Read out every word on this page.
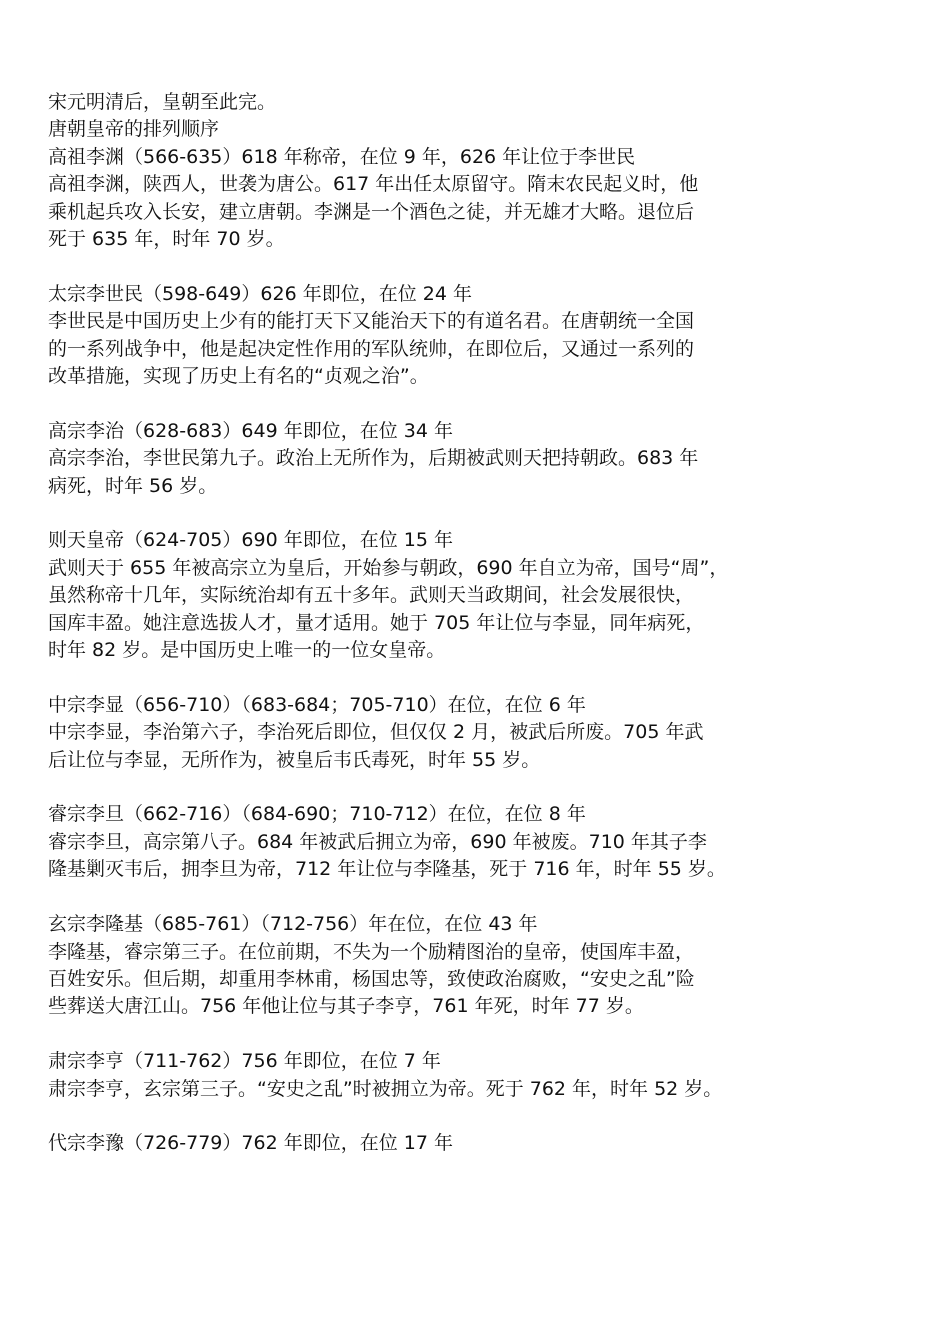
宋元明清后，皇朝至此完。
唐朝皇帝的排列顺序
高祖李渊（566-635）618 年称帝，在位 9 年，626 年让位于李世民
高祖李渊，陕西人，世袭为唐公。617 年出任太原留守。隋末农民起义时，他
乘机起兵攻入长安，建立唐朝。李渊是一个酒色之徒，并无雄才大略。退位后
死于 635 年，时年 70 岁。
太宗李世民（598-649）626 年即位，在位 24 年
李世民是中国历史上少有的能打天下又能治天下的有道名君。在唐朝统一全国
的一系列战争中，他是起决定性作用的军队统帅，在即位后，又通过一系列的
改革措施，实现了历史上有名的“贞观之治”。
高宗李治（628-683）649 年即位，在位 34 年
高宗李治，李世民第九子。政治上无所作为，后期被武则天把持朝政。683 年
病死，时年 56 岁。
则天皇帝（624-705）690 年即位，在位 15 年
武则天于 655 年被高宗立为皇后，开始参与朝政，690 年自立为帝，国号“周”，
虽然称帝十几年，实际统治却有五十多年。武则天当政期间，社会发展很快，
国库丰盈。她注意选拔人才，量才适用。她于 705 年让位与李显，同年病死，
时年 82 岁。是中国历史上唯一的一位女皇帝。
中宗李显（656-710）（683-684；705-710）在位，在位 6 年
中宗李显，李治第六子，李治死后即位，但仅仅 2 月，被武后所废。705 年武
后让位与李显，无所作为，被皇后韦氏毒死，时年 55 岁。
睿宗李旦（662-716）（684-690；710-712）在位，在位 8 年
睿宗李旦，高宗第八子。684 年被武后拥立为帝，690 年被废。710 年其子李
隆基剿灭韦后，拥李旦为帝，712 年让位与李隆基，死于 716 年，时年 55 岁。
玄宗李隆基（685-761）（712-756）年在位，在位 43 年
李隆基，睿宗第三子。在位前期，不失为一个励精图治的皇帝，使国库丰盈，
百姓安乐。但后期，却重用李林甫，杨国忠等，致使政治腐败，“安史之乱”险
些葬送大唐江山。756 年他让位与其子李亨，761 年死，时年 77 岁。
肃宗李亨（711-762）756 年即位，在位 7 年
肃宗李亨，玄宗第三子。“安史之乱”时被拥立为帝。死于 762 年，时年 52 岁。
代宗李豫（726-779）762 年即位，在位 17 年
